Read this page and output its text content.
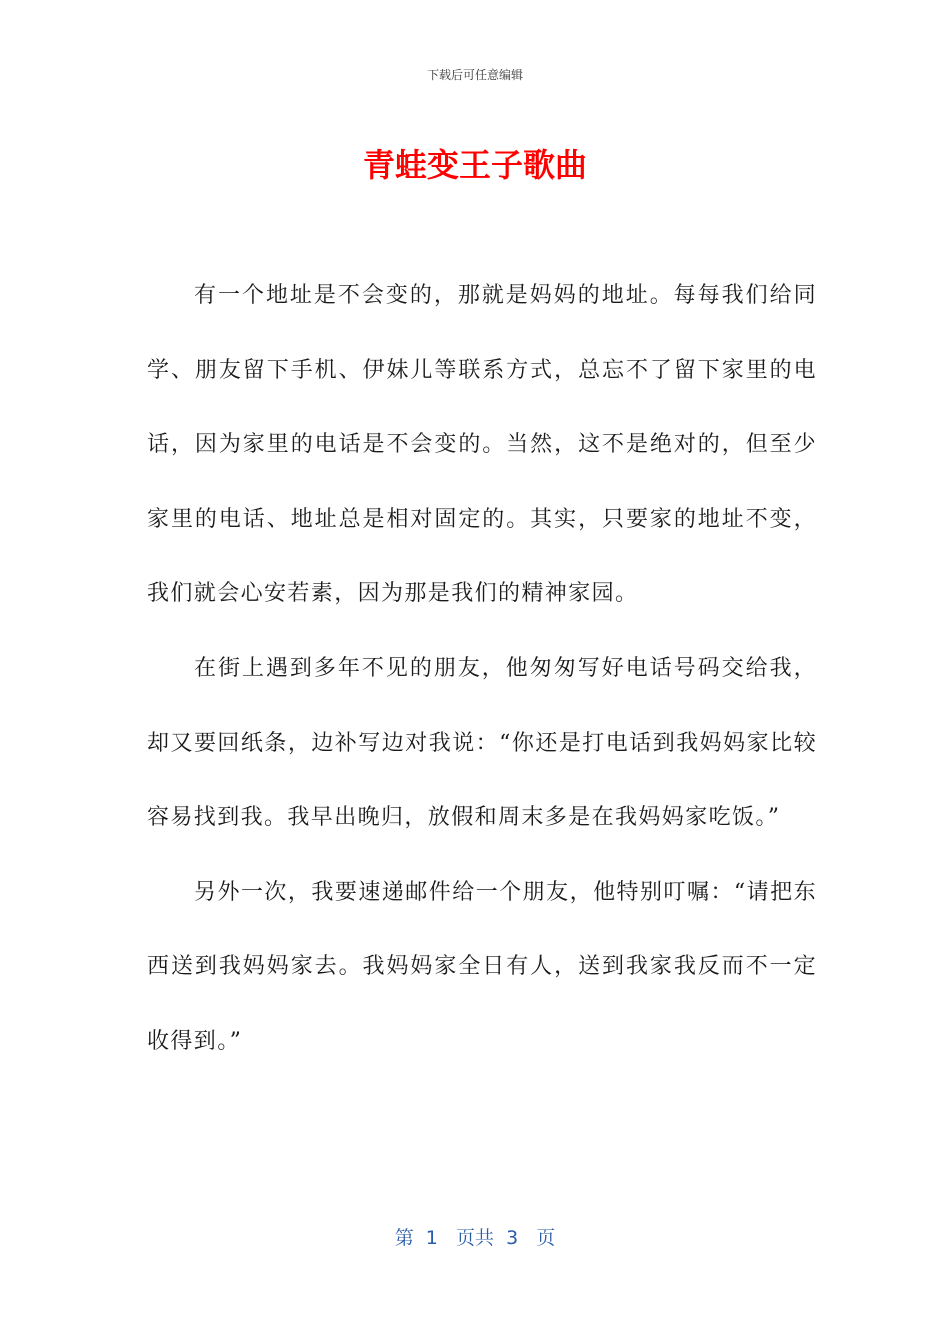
下载后可任意编辑
青蛙变王子歌曲

有一个地址是不会变的，那就是妈妈的地址。每每我们给同学、朋友留下手机、伊妹儿等联系方式，总忘不了留下家里的电话，因为家里的电话是不会变的。当然，这不是绝对的，但至少家里的电话、地址总是相对固定的。其实，只要家的地址不变，我们就会心安若素，因为那是我们的精神家园。

在街上遇到多年不见的朋友，他匆匆写好电话号码交给我，却又要回纸条，边补写边对我说：“你还是打电话到我妈妈家比较容易找到我。我早出晚归，放假和周末多是在我妈妈家吃饭。”

另外一次，我要速递邮件给一个朋友，他特别叮嘱：“请把东西送到我妈妈家去。我妈妈家全日有人，送到我家我反而不一定收得到。”

第  1   页共  3   页
